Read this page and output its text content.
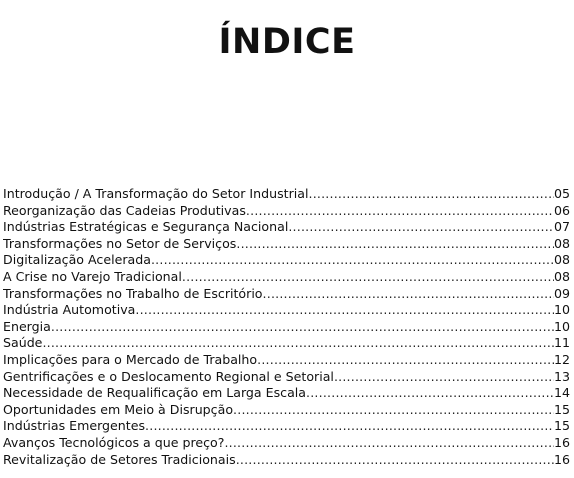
ÍNDICE
Introdução / A Transformação do Setor Industrial .....	05
Reorganização das Cadeias Produtivas .....	06
Indústrias Estratégicas e Segurança Nacional .....	07
Transformações no Setor de Serviços .....	08
Digitalização Acelerada .....	08
A Crise no Varejo Tradicional .....	08
Transformações no Trabalho de Escritório .....	09
Indústria Automotiva .....	10
Energia .....	10
Saúde .....	11
Implicações para o Mercado de Trabalho .....	12
Gentrificações e o Deslocamento Regional e Setorial .....	13
Necessidade de Requalificação em Larga Escala .....	14
Oportunidades em Meio à Disrupção .....	15
Indústrias Emergentes .....	15
Avanços Tecnológicos a que preço? .....	16
Revitalização de Setores Tradicionais .....	16
